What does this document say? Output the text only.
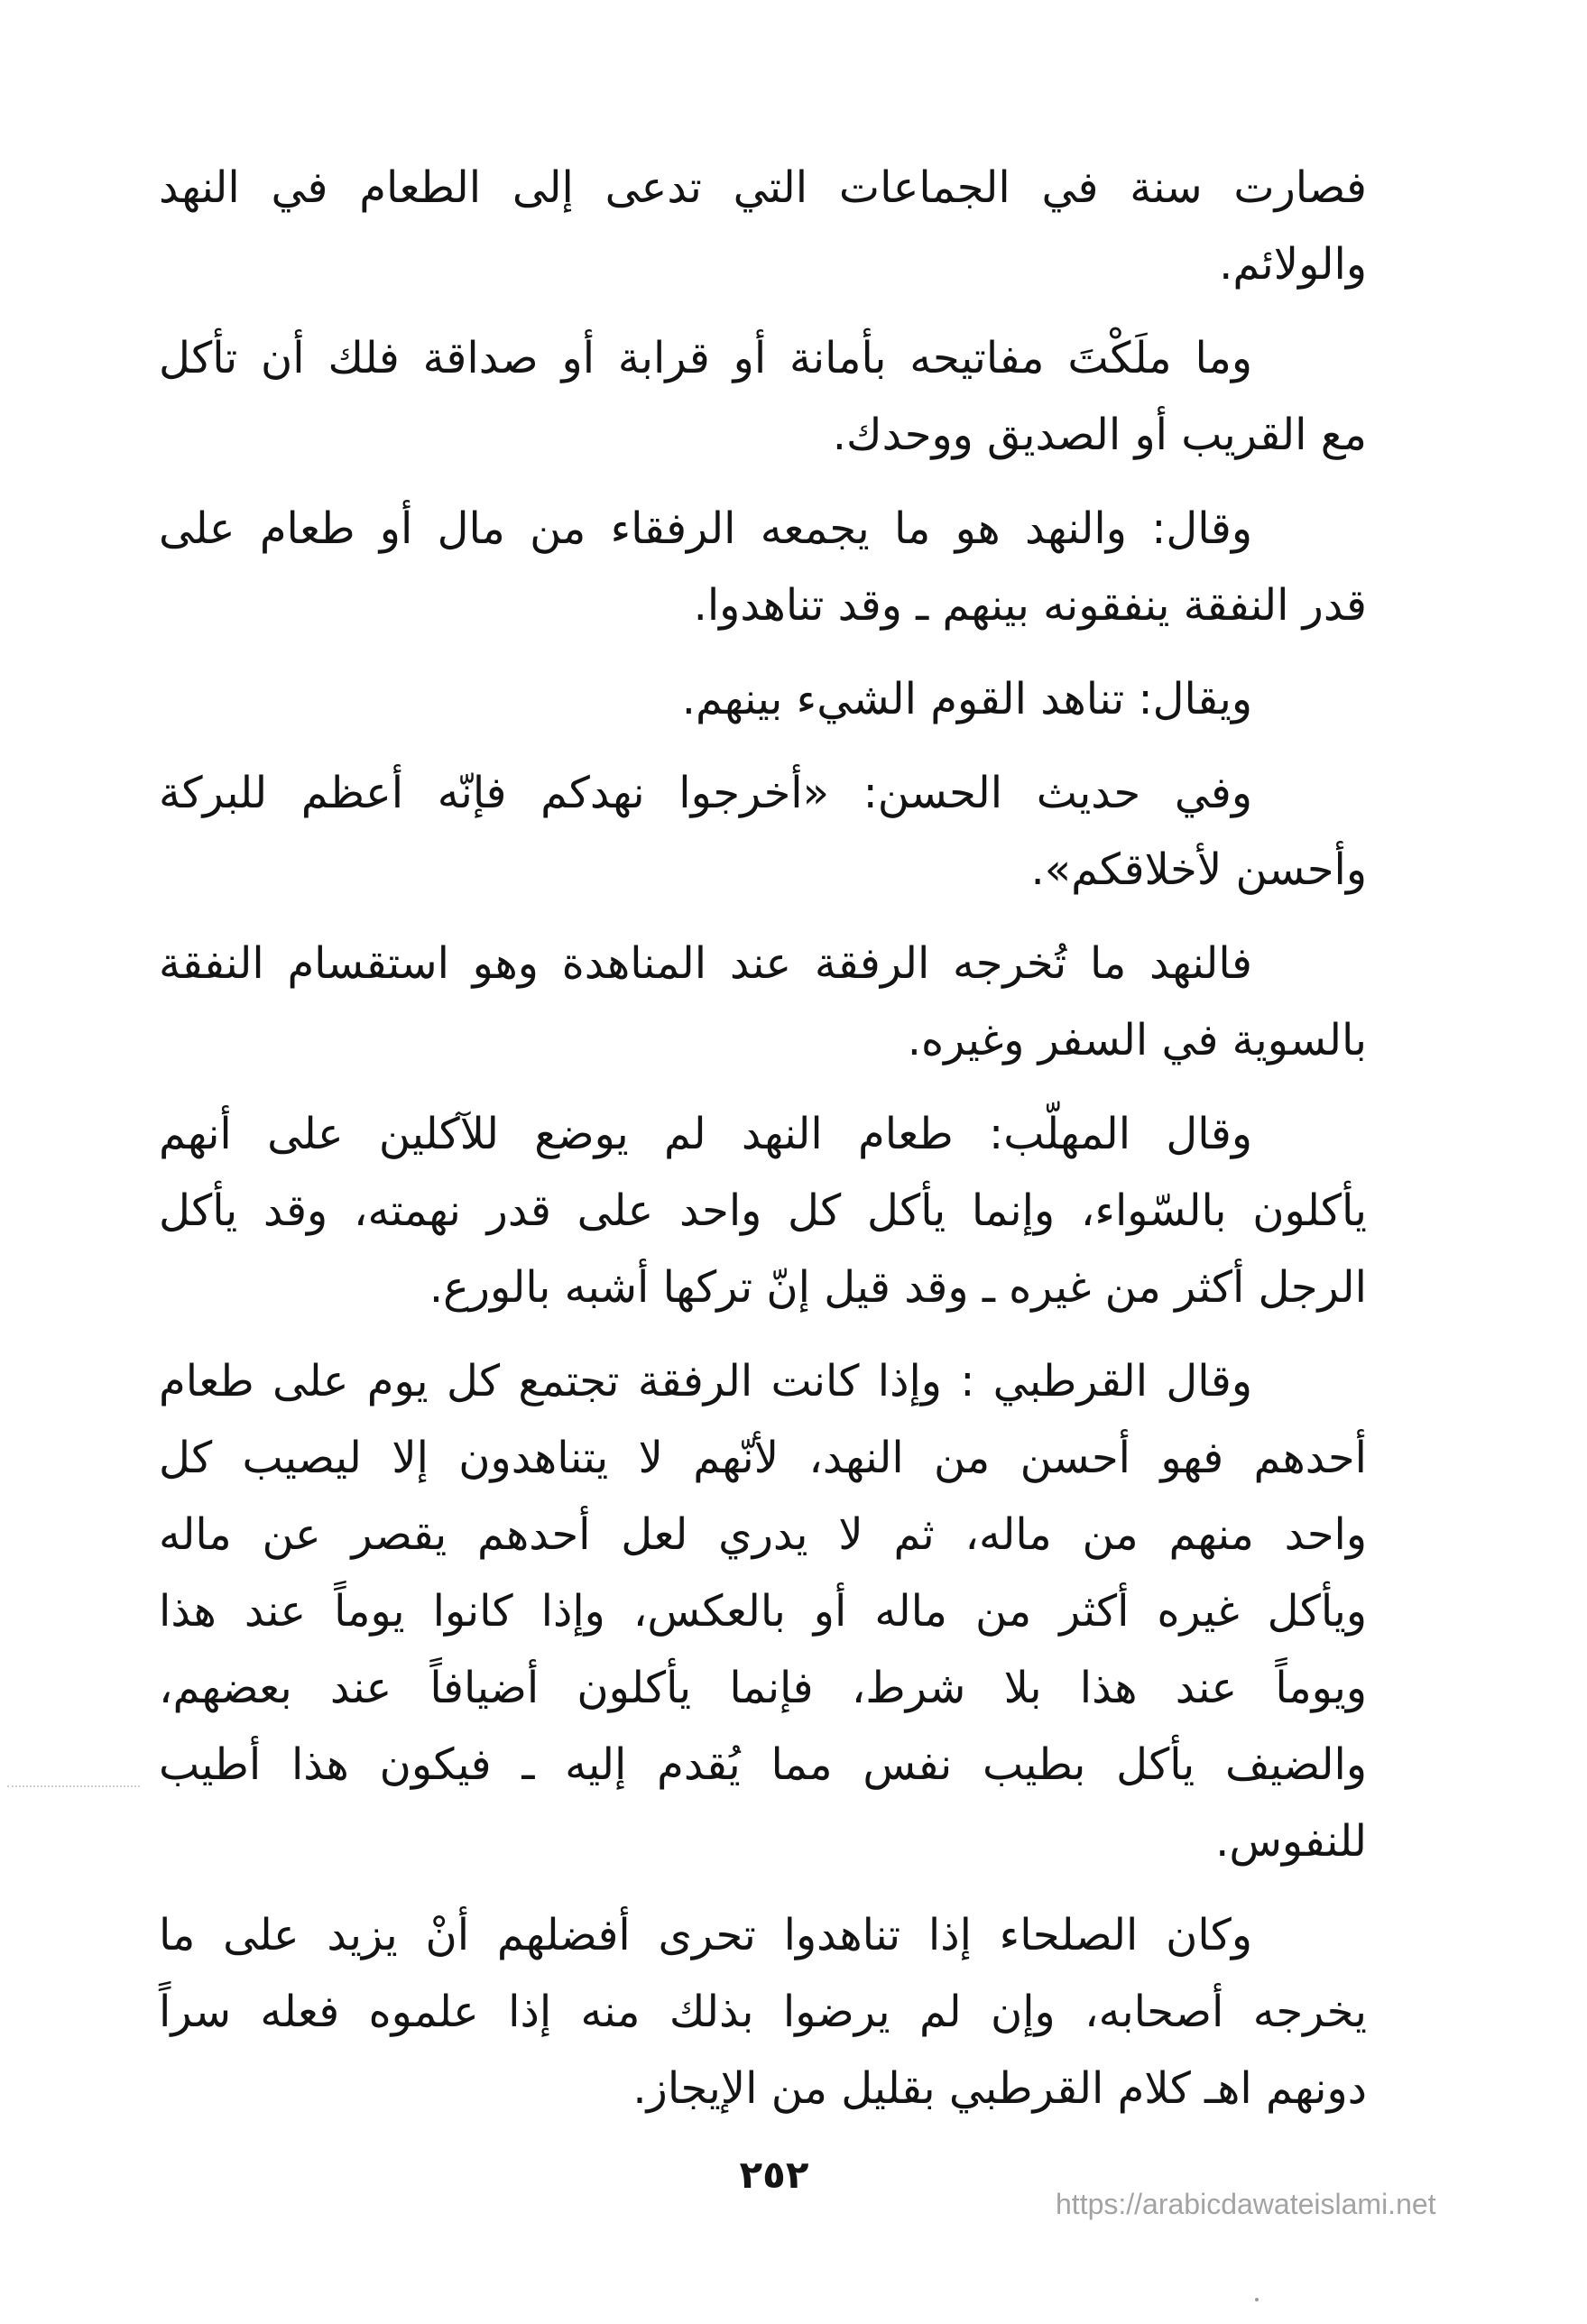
فصارت سنة في الجماعات التي تدعى إلى الطعام في النهد
والولائم.
وما ملَكْتَ مفاتيحه بأمانة أو قرابة أو صداقة فلك أن تأكل
مع القريب أو الصديق ووحدك.
وقال: والنهد هو ما يجمعه الرفقاء من مال أو طعام على
قدر النفقة ينفقونه بينهم ـ وقد تناهدوا.
ويقال: تناهد القوم الشيء بينهم.
وفي حديث الحسن: «أخرجوا نهدكم فإنّه أعظم للبركة
وأحسن لأخلاقكم».
فالنهد ما تُخرجه الرفقة عند المناهدة وهو استقسام النفقة
بالسوية في السفر وغيره.
وقال المهلّب: طعام النهد لم يوضع للآكلين على أنهم
يأكلون بالسّواء، وإنما يأكل كل واحد على قدر نهمته، وقد يأكل
الرجل أكثر من غيره ـ وقد قيل إنّ تركها أشبه بالورع.
وقال القرطبي : وإذا كانت الرفقة تجتمع كل يوم على طعام
أحدهم فهو أحسن من النهد، لأنّهم لا يتناهدون إلا ليصيب كل
واحد منهم من ماله، ثم لا يدري لعل أحدهم يقصر عن ماله
ويأكل غيره أكثر من ماله أو بالعكس، وإذا كانوا يوماً عند هذا
ويوماً عند هذا بلا شرط، فإنما يأكلون أضيافاً عند بعضهم،
والضيف يأكل بطيب نفس مما يُقدم إليه ـ فيكون هذا أطيب
للنفوس.
وكان الصلحاء إذا تناهدوا تحرى أفضلهم أنْ يزيد على ما
يخرجه أصحابه، وإن لم يرضوا بذلك منه إذا علموه فعله سراً
دونهم اهـ كلام القرطبي بقليل من الإيجاز.
٢٥٢
https://arabicdawateislami.net
